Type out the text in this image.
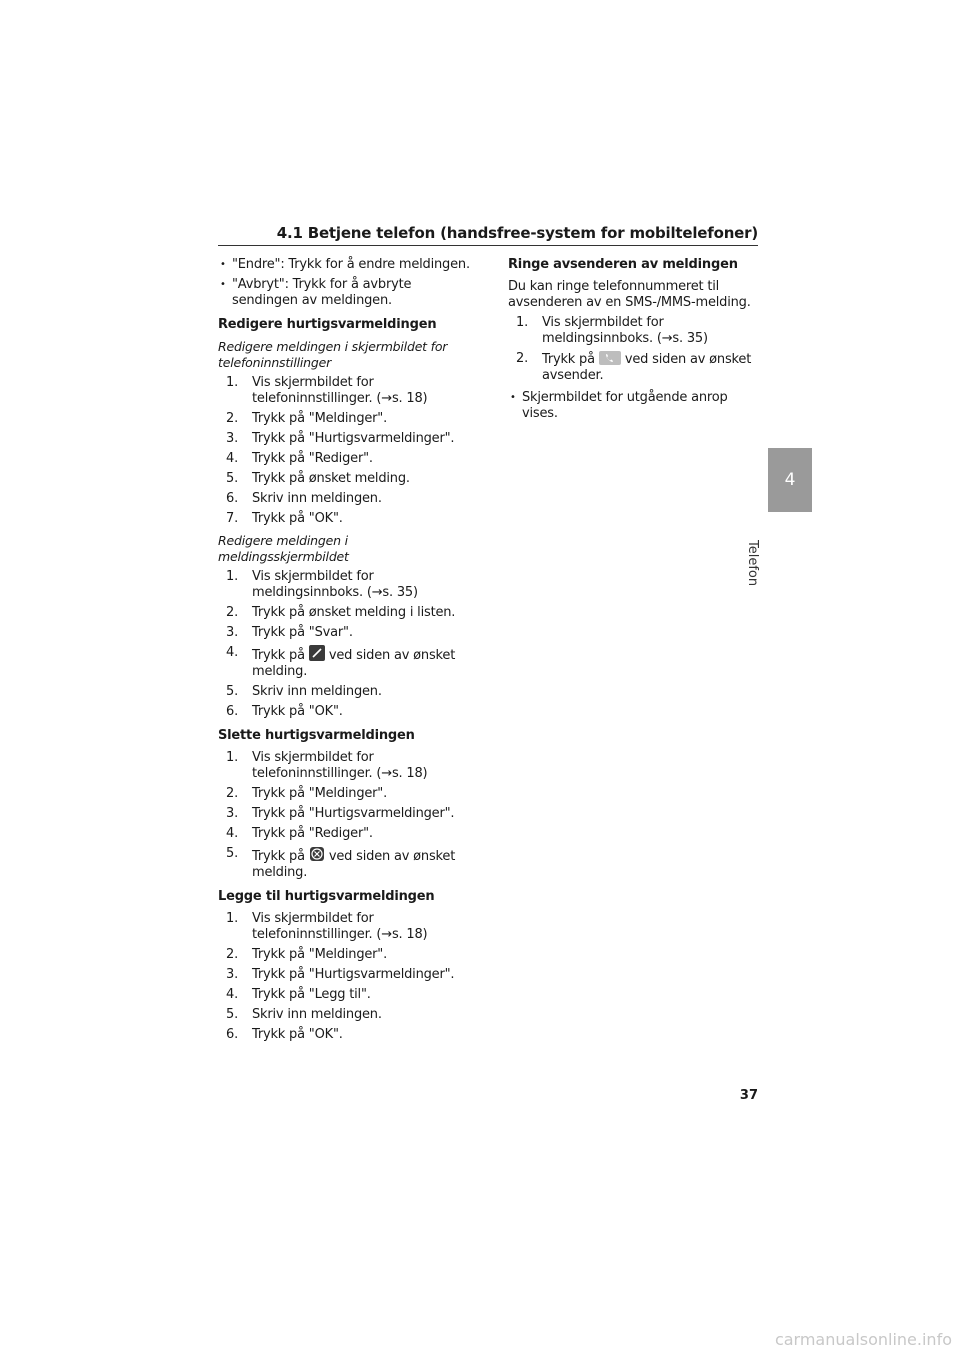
4.1 Betjene telefon (handsfree-system for mobiltelefoner)
• "Endre": Trykk for å endre meldingen.
• "Avbryt": Trykk for å avbryte sendingen av meldingen.
Redigere hurtigsvarmeldingen
Redigere meldingen i skjermbildet for telefoninnstillinger
1. Vis skjermbildet for telefoninnstillinger. (→s. 18)
2. Trykk på "Meldinger".
3. Trykk på "Hurtigsvarmeldinger".
4. Trykk på "Rediger".
5. Trykk på ønsket melding.
6. Skriv inn meldingen.
7. Trykk på "OK".
Redigere meldingen i meldingsskjermbildet
1. Vis skjermbildet for meldingsinnboks. (→s. 35)
2. Trykk på ønsket melding i listen.
3. Trykk på "Svar".
4. Trykk på ved siden av ønsket melding.
5. Skriv inn meldingen.
6. Trykk på "OK".
Slette hurtigsvarmeldingen
1. Vis skjermbildet for telefoninnstillinger. (→s. 18)
2. Trykk på "Meldinger".
3. Trykk på "Hurtigsvarmeldinger".
4. Trykk på "Rediger".
5. Trykk på ved siden av ønsket melding.
Legge til hurtigsvarmeldingen
1. Vis skjermbildet for telefoninnstillinger. (→s. 18)
2. Trykk på "Meldinger".
3. Trykk på "Hurtigsvarmeldinger".
4. Trykk på "Legg til".
5. Skriv inn meldingen.
6. Trykk på "OK".
Ringe avsenderen av meldingen
Du kan ringe telefonnummeret til avsenderen av en SMS-/MMS-melding.
1. Vis skjermbildet for meldingsinnboks. (→s. 35)
2. Trykk på ved siden av ønsket avsender.
• Skjermbildet for utgående anrop vises.
4
Telefon
37
carmanualsonline.info
